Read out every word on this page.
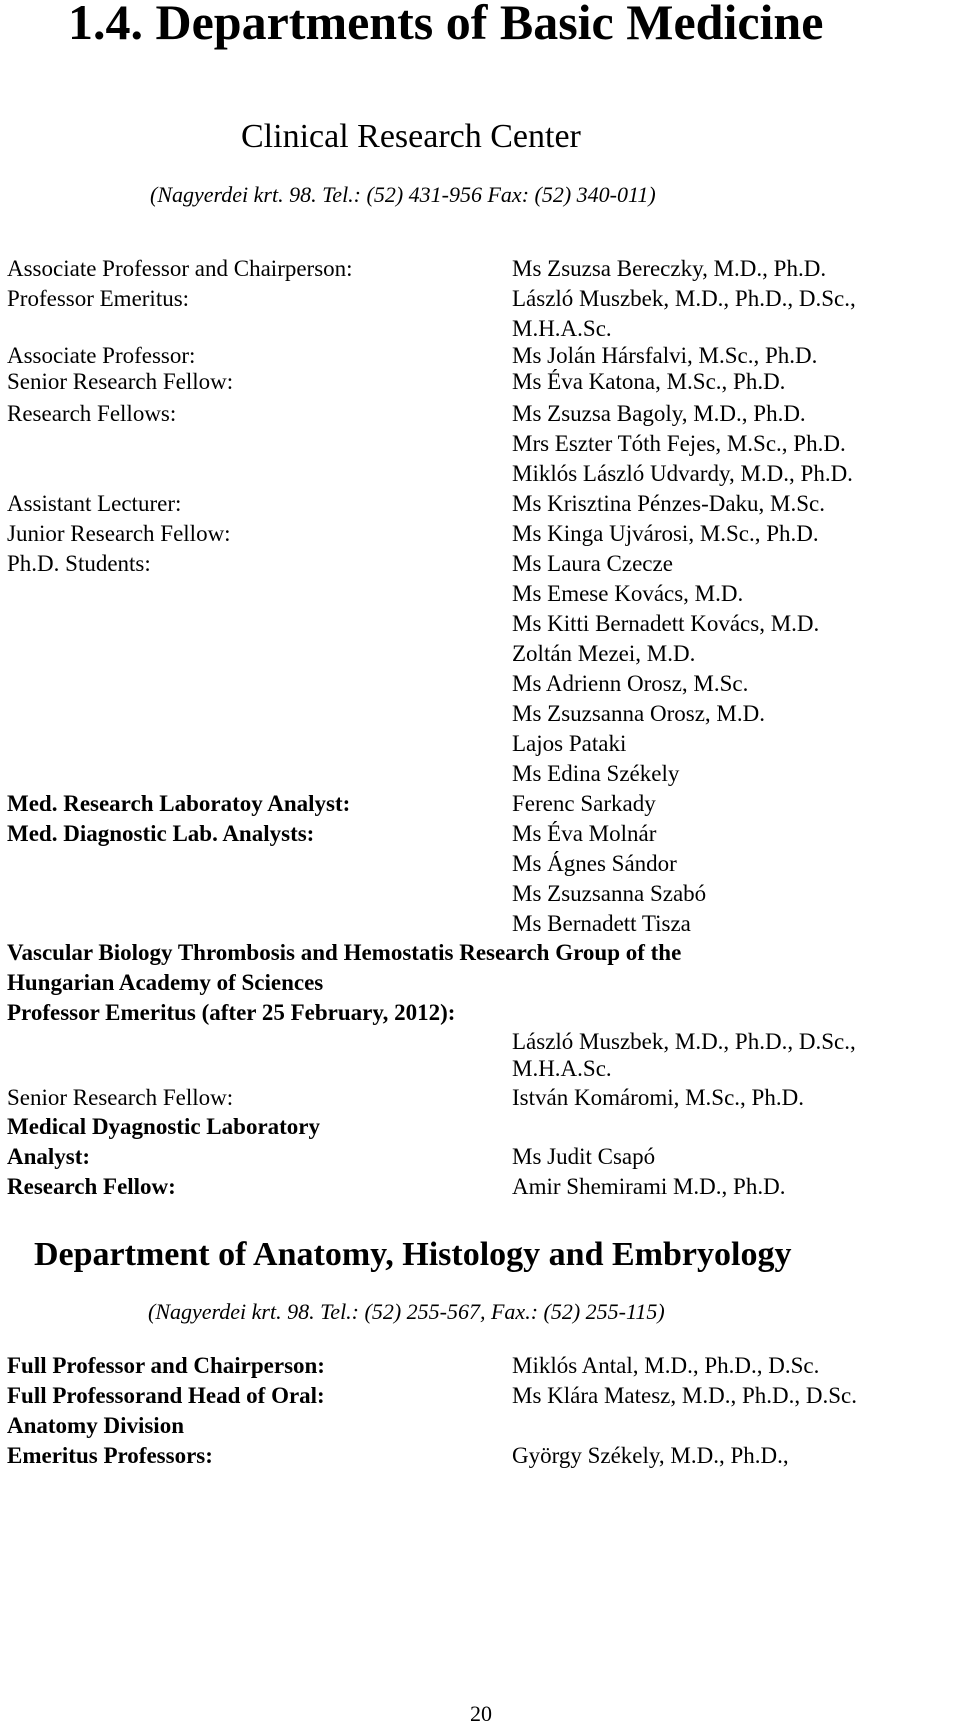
1.4. Departments of Basic Medicine
Clinical Research Center
(Nagyerdei krt. 98. Tel.: (52) 431-956 Fax: (52) 340-011)
Associate Professor and Chairperson:	Ms Zsuzsa Bereczky, M.D., Ph.D.
Professor Emeritus:	László Muszbek, M.D., Ph.D., D.Sc.,
M.H.A.Sc.
Associate Professor:	Ms Jolán Hársfalvi, M.Sc., Ph.D.
Senior Research Fellow:	Ms Éva Katona, M.Sc., Ph.D.
Research Fellows:	Ms Zsuzsa Bagoly, M.D., Ph.D.
Mrs Eszter Tóth Fejes, M.Sc., Ph.D.
Miklós László Udvardy, M.D., Ph.D.
Assistant Lecturer:	Ms Krisztina Pénzes-Daku, M.Sc.
Junior Research Fellow:	Ms Kinga Ujvárosi, M.Sc., Ph.D.
Ph.D. Students:	Ms Laura Czecze
Ms Emese Kovács, M.D.
Ms Kitti Bernadett Kovács, M.D.
Zoltán Mezei, M.D.
Ms Adrienn Orosz, M.Sc.
Ms Zsuzsanna Orosz, M.D.
Lajos Pataki
Ms Edina Székely
Med. Research Laboratoy Analyst:	Ferenc Sarkady
Med. Diagnostic Lab. Analysts:	Ms Éva Molnár
Ms Ágnes Sándor
Ms Zsuzsanna Szabó
Ms Bernadett Tisza
Vascular Biology Thrombosis and Hemostatis Research Group of the
Hungarian Academy of Sciences
Professor Emeritus (after 25 February, 2012):
László Muszbek, M.D., Ph.D., D.Sc.,
M.H.A.Sc.
Senior Research Fellow:	István Komáromi, M.Sc., Ph.D.
Medical Dyagnostic Laboratory
Analyst:	Ms Judit Csapó
Research Fellow:	Amir Shemirami M.D., Ph.D.
Department of Anatomy, Histology and Embryology
(Nagyerdei krt. 98. Tel.: (52) 255-567, Fax.: (52) 255-115)
Full Professor and Chairperson:	Miklós Antal, M.D., Ph.D., D.Sc.
Full Professorand Head of Oral:	Ms Klára Matesz, M.D., Ph.D., D.Sc.
Anatomy Division
Emeritus Professors:	György Székely, M.D., Ph.D.,
20
